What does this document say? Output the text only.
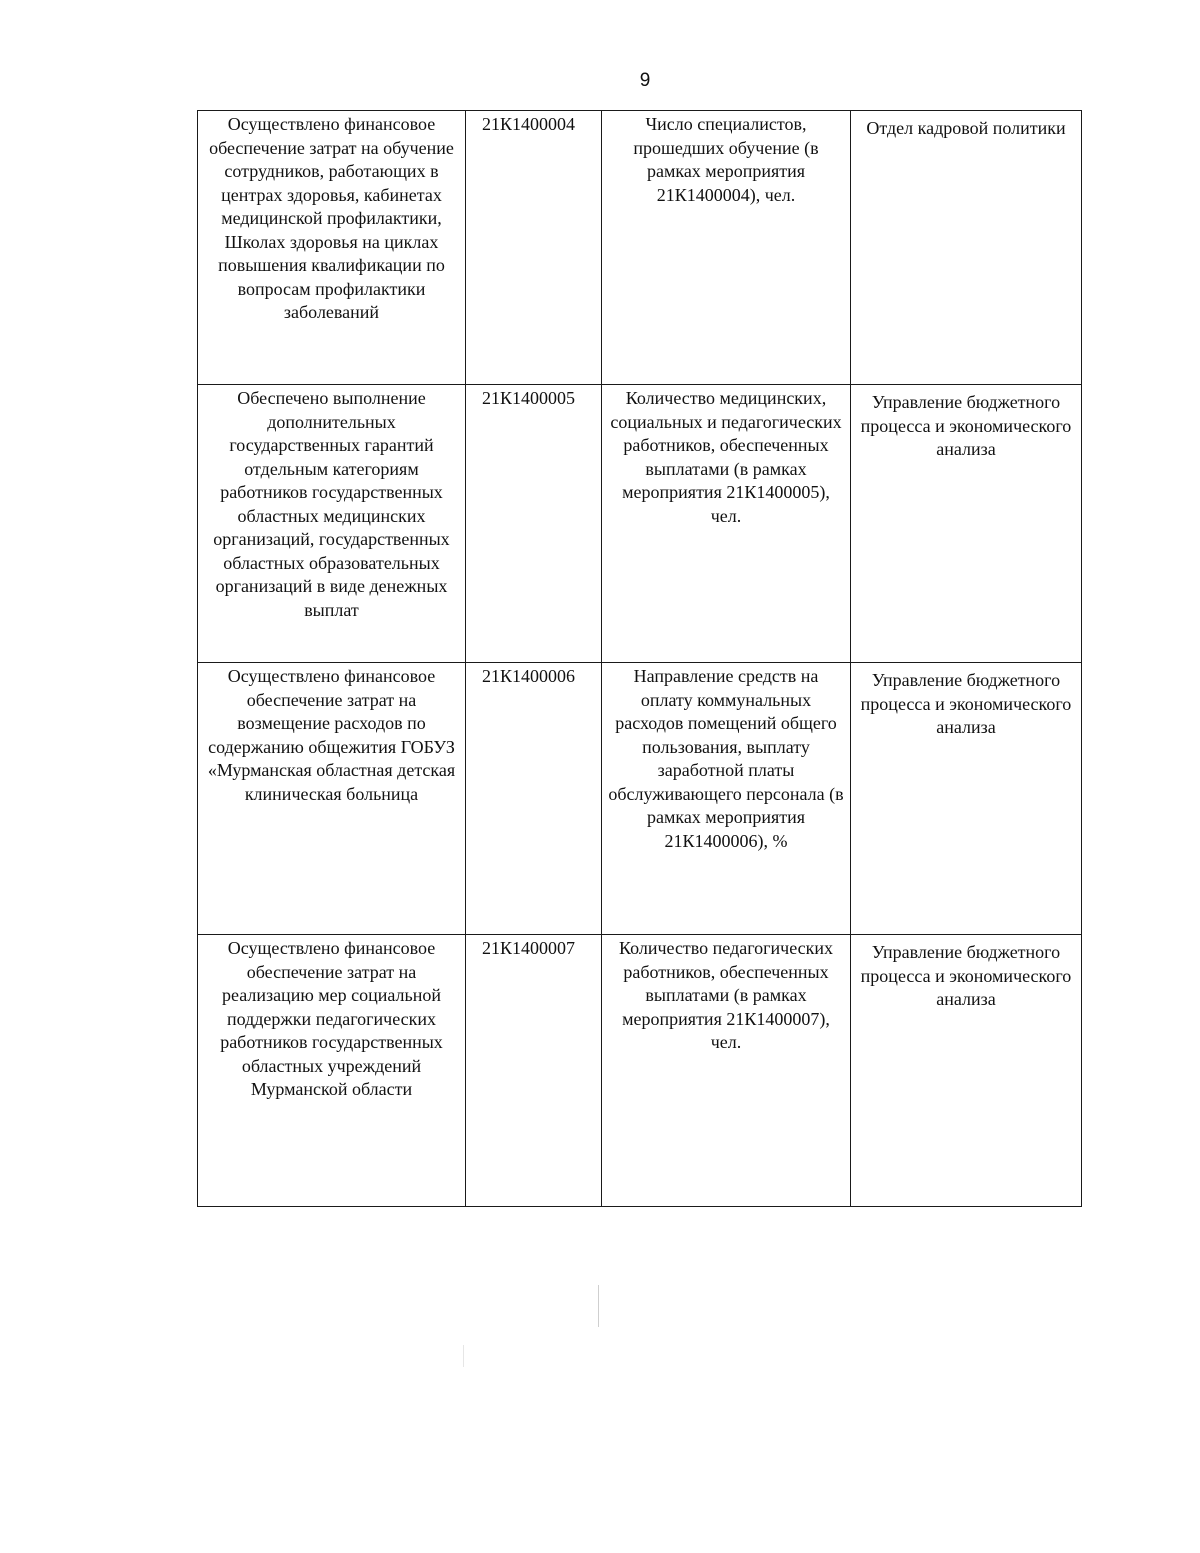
9
Осуществлено финансовое обеспечение затрат на обучение сотрудников, работающих в центрах здоровья, кабинетах медицинской профилактики, Школах здоровья на циклах повышения квалификации по вопросам профилактики заболеваний	21К1400004	Число специалистов, прошедших обучение (в рамках мероприятия 21К1400004), чел.	Отдел кадровой политики
Обеспечено выполнение дополнительных государственных гарантий отдельным категориям работников государственных областных медицинских организаций, государственных областных образовательных организаций в виде денежных выплат	21К1400005	Количество медицинских, социальных и педагогических работников, обеспеченных выплатами (в рамках мероприятия 21К1400005), чел.	Управление бюджетного процесса и экономического анализа
Осуществлено финансовое обеспечение затрат на возмещение расходов по содержанию общежития ГОБУЗ «Мурманская областная детская клиническая больница	21К1400006	Направление средств на оплату коммунальных расходов помещений общего пользования, выплату заработной платы обслуживающего персонала (в рамках мероприятия 21К1400006), %	Управление бюджетного процесса и экономического анализа
Осуществлено финансовое обеспечение затрат на реализацию мер социальной поддержки педагогических работников государственных областных учреждений Мурманской области	21К1400007	Количество педагогических работников, обеспеченных выплатами (в рамках мероприятия 21К1400007), чел.	Управление бюджетного процесса и экономического анализа
